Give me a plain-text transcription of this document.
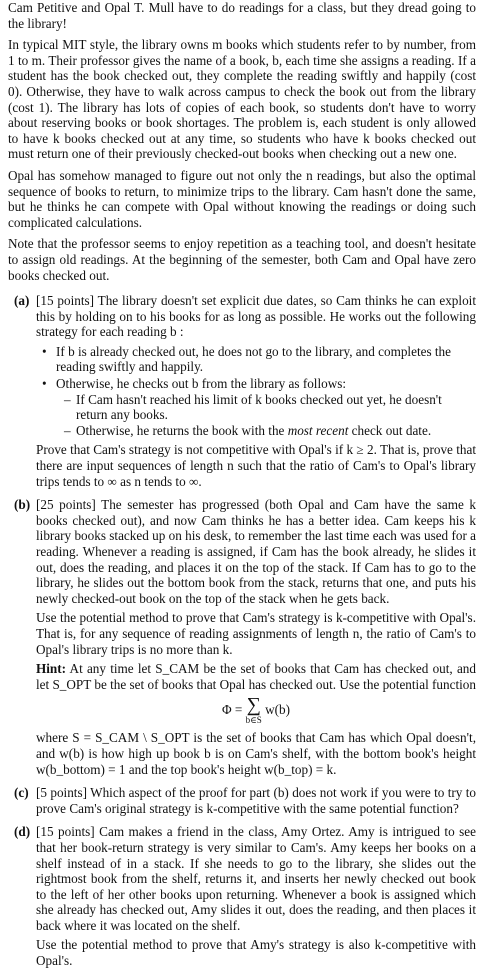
Cam Petitive and Opal T. Mull have to do readings for a class, but they dread going to the library!

In typical MIT style, the library owns m books which students refer to by number, from 1 to m. Their professor gives the name of a book, b, each time she assigns a reading. If a student has the book checked out, they complete the reading swiftly and happily (cost 0). Otherwise, they have to walk across campus to check the book out from the library (cost 1). The library has lots of copies of each book, so students don't have to worry about reserving books or book shortages. The problem is, each student is only allowed to have k books checked out at any time, so students who have k books checked out must return one of their previously checked-out books when checking out a new one.

Opal has somehow managed to figure out not only the n readings, but also the optimal sequence of books to return, to minimize trips to the library. Cam hasn't done the same, but he thinks he can compete with Opal without knowing the readings or doing such complicated calculations.

Note that the professor seems to enjoy repetition as a teaching tool, and doesn't hesitate to assign old readings. At the beginning of the semester, both Cam and Opal have zero books checked out.

(a) [15 points] The library doesn't set explicit due dates, so Cam thinks he can exploit this by holding on to his books for as long as possible. He works out the following strategy for each reading b :

• If b is already checked out, he does not go to the library, and completes the reading swiftly and happily.
• Otherwise, he checks out b from the library as follows:
– If Cam hasn't reached his limit of k books checked out yet, he doesn't return any books.
– Otherwise, he returns the book with the most recent check out date.

Prove that Cam's strategy is not competitive with Opal's if k ≥ 2. That is, prove that there are input sequences of length n such that the ratio of Cam's to Opal's library trips tends to ∞ as n tends to ∞.

(b) [25 points] The semester has progressed (both Opal and Cam have the same k books checked out), and now Cam thinks he has a better idea. Cam keeps his k library books stacked up on his desk, to remember the last time each was used for a reading. Whenever a reading is assigned, if Cam has the book already, he slides it out, does the reading, and places it on the top of the stack. If Cam has to go to the library, he slides out the bottom book from the stack, returns that one, and puts his newly checked-out book on the top of the stack when he gets back.

Use the potential method to prove that Cam's strategy is k-competitive with Opal's. That is, for any sequence of reading assignments of length n, the ratio of Cam's to Opal's library trips is no more than k.

Hint: At any time let S_CAM be the set of books that Cam has checked out, and let S_OPT be the set of books that Opal has checked out. Use the potential function

Φ = ∑
b∈S
w(b)

where S = S_CAM \ S_OPT is the set of books that Cam has which Opal doesn't, and w(b) is how high up book b is on Cam's shelf, with the bottom book's height w(b_bottom) = 1 and the top book's height w(b_top) = k.

(c) [5 points] Which aspect of the proof for part (b) does not work if you were to try to prove Cam's original strategy is k-competitive with the same potential function?

(d) [15 points] Cam makes a friend in the class, Amy Ortez. Amy is intrigued to see that her book-return strategy is very similar to Cam's. Amy keeps her books on a shelf instead of in a stack. If she needs to go to the library, she slides out the rightmost book from the shelf, returns it, and inserts her newly checked out book to the left of her other books upon returning. Whenever a book is assigned which she already has checked out, Amy slides it out, does the reading, and then places it back where it was located on the shelf.

Use the potential method to prove that Amy's strategy is also k-competitive with Opal's.
